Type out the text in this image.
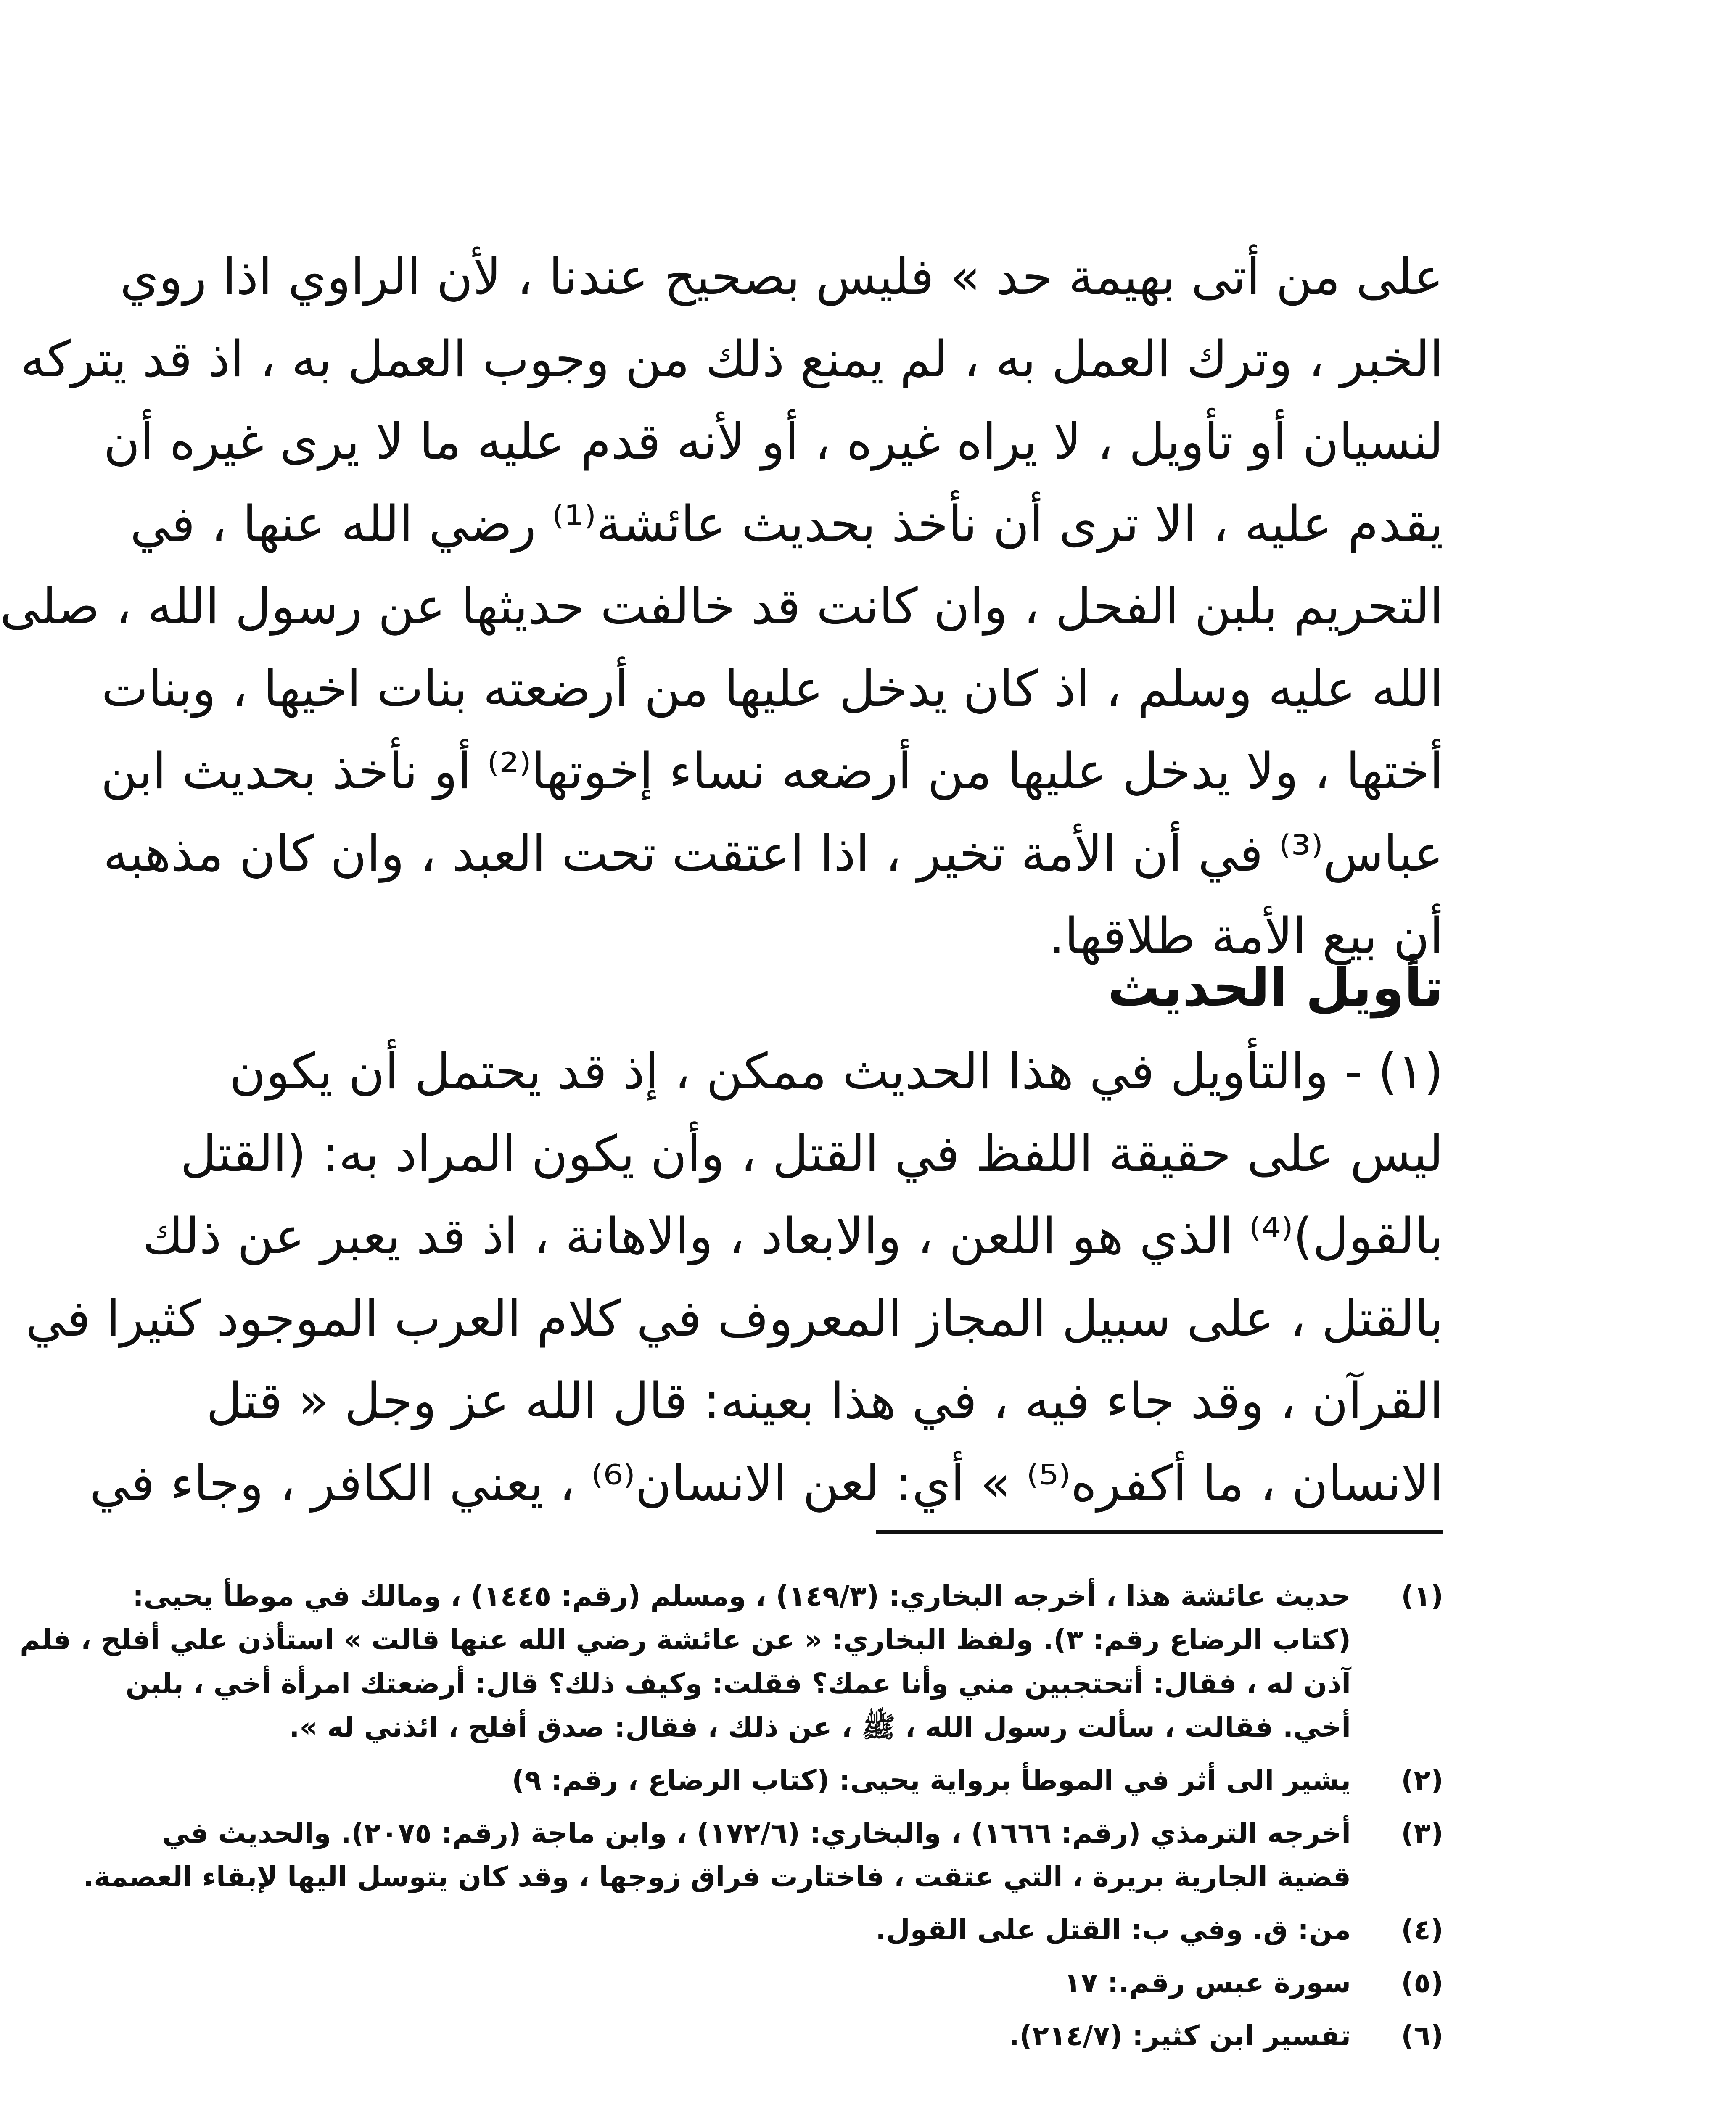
على من أتى بهيمة حد » فليس بصحيح عندنا ، لأن الراوي اذا روي
الخبر ، وترك العمل به ، لم يمنع ذلك من وجوب العمل به ، اذ قد يتركه
لنسيان أو تأويل ، لا يراه غيره ، أو لأنه قدم عليه ما لا يرى غيره أن
يقدم عليه ، الا ترى أن نأخذ بحديث عائشة⁽¹⁾ رضي الله عنها ، في
التحريم بلبن الفحل ، وان كانت قد خالفت حديثها عن رسول الله ، صلى
الله عليه وسلم ، اذ كان يدخل عليها من أرضعته بنات اخيها ، وبنات
أختها ، ولا يدخل عليها من أرضعه نساء إخوتها⁽²⁾ أو نأخذ بحديث ابن
عباس⁽³⁾ في أن الأمة تخير ، اذا اعتقت تحت العبد ، وان كان مذهبه
أن بيع الأمة طلاقها.
تأويل الحديث
(١) - والتأويل في هذا الحديث ممكن ، إذ قد يحتمل أن يكون
ليس على حقيقة اللفظ في القتل ، وأن يكون المراد به: (القتل
بالقول)⁽⁴⁾ الذي هو اللعن ، والابعاد ، والاهانة ، اذ قد يعبر عن ذلك
بالقتل ، على سبيل المجاز المعروف في كلام العرب الموجود كثيرا في
القرآن ، وقد جاء فيه ، في هذا بعينه: قال الله عز وجل « قتل
الانسان ، ما أكفره⁽⁵⁾ » أي: لعن الانسان⁽⁶⁾ ، يعني الكافر ، وجاء في
(١)
حديث عائشة هذا ، أخرجه البخاري: (١٤٩/٣) ، ومسلم (رقم: ١٤٤٥) ، ومالك في موطأ يحيى:
(كتاب الرضاع رقم: ٣). ولفظ البخاري: « عن عائشة رضي الله عنها قالت » استأذن علي أفلح ، فلم
آذن له ، فقال: أتحتجبين مني وأنا عمك؟ فقلت: وكيف ذلك؟ قال: أرضعتك امرأة أخي ، بلبن
أخي. فقالت ، سألت رسول الله ، ﷺ ، عن ذلك ، فقال: صدق أفلح ، ائذني له ».
(٢)
يشير الى أثر في الموطأ برواية يحيى: (كتاب الرضاع ، رقم: ٩)
(٣)
أخرجه الترمذي (رقم: ١٦٦٦) ، والبخاري: (١٧٢/٦) ، وابن ماجة (رقم: ٢٠٧٥). والحديث في
قضية الجارية بريرة ، التي عتقت ، فاختارت فراق زوجها ، وقد كان يتوسل اليها لإبقاء العصمة.
(٤)
من: ق. وفي ب: القتل على القول.
(٥)
سورة عبس رقم.: ١٧
(٦)
تفسير ابن كثير: (٢١٤/٧).
